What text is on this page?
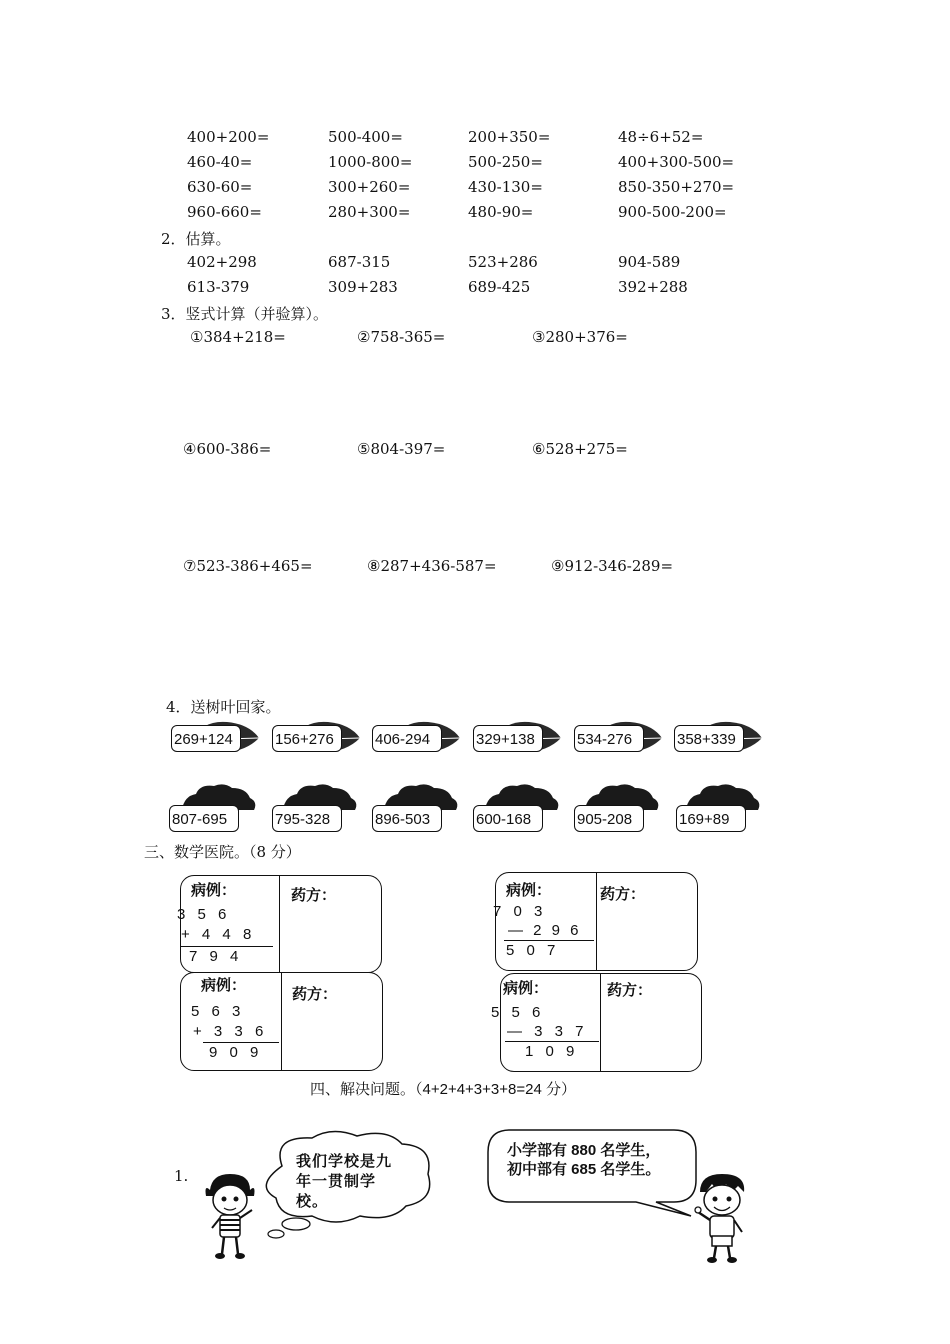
400+200=	500-400=	200+350=	48÷6+52=
460-40=	1000-800=	500-250=	400+300-500=
630-60=	300+260=	430-130=	850-350+270=
960-660=	280+300=	480-90=	900-500-200=
2．估算。
402+298	687-315	523+286	904-589
613-379	309+283	689-425	392+288
3．竖式计算（并验算）。
①384+218=	②758-365=	③280+376=
④600-386=	⑤804-397=	⑥528+275=
⑦523-386+465=	⑧287+436-587=	⑨912-346-289=
4．送树叶回家。
269+124	156+276	406-294	329+138	534-276	358+339
807-695	795-328	896-503	600-168	905-208	169+89
三、数学医院。（8 分）
病例：	药方：
3 5 6
+ 4 4 8
7 9 4
病例：	药方：
7 0 3
— 2 9 6
5 0 7
病例：
药方：
5 6 3
+ 3 3 6
9 0 9
病例：	药方：
5 5 6
— 3 3 7
1 0 9
四、解决问题。（4+2+4+3+3+8=24 分）
1.
我们学校是九年一贯制学校。
小学部有 880 名学生，
初中部有 685 名学生。
